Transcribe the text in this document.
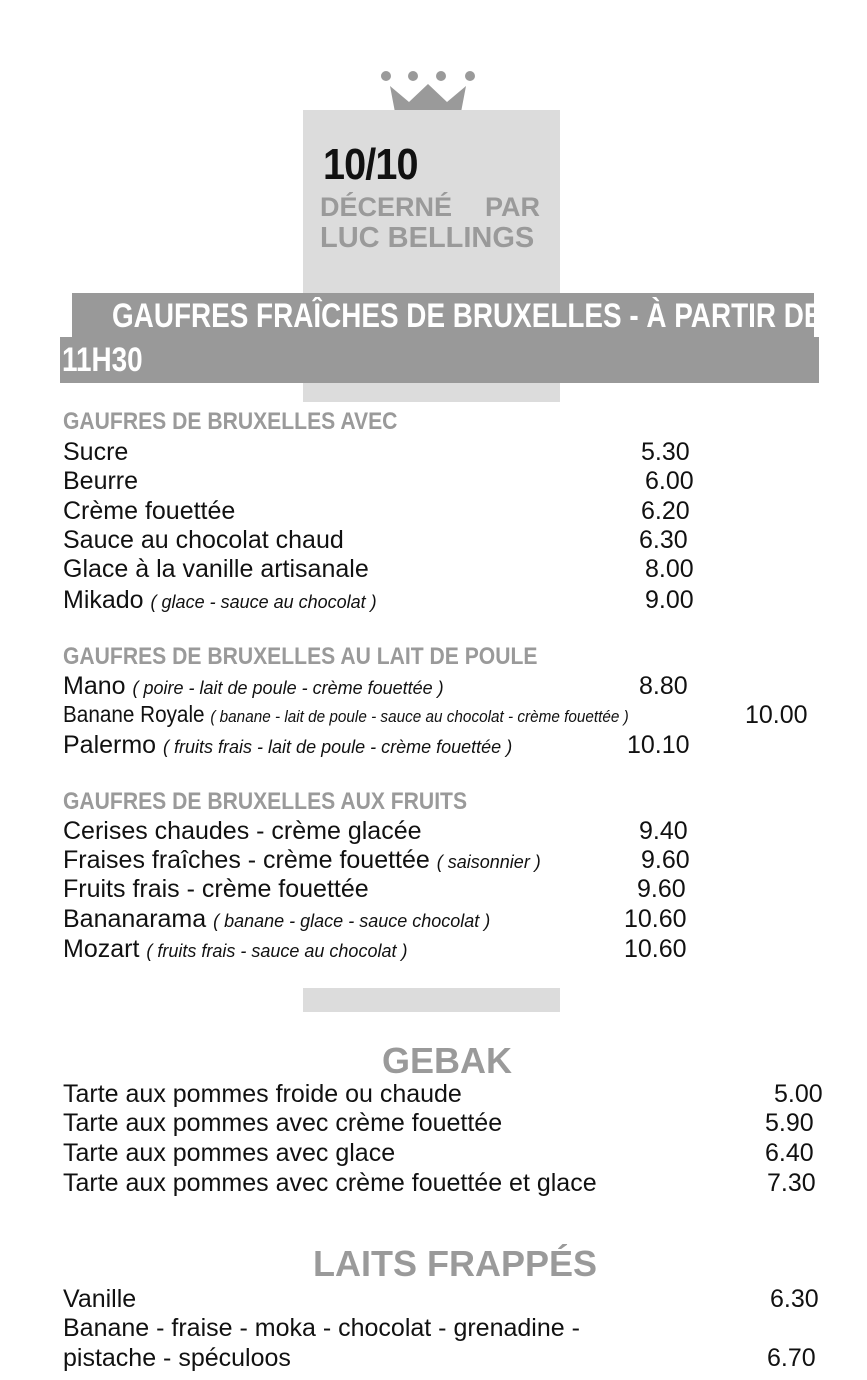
10/10
DÉCERNÉ PAR
LUC BELLINGS
GAUFRES FRAÎCHES DE BRUXELLES - À PARTIR DE
11H30
GAUFRES DE BRUXELLES AVEC
Sucre	5.30
Beurre	6.00
Crème fouettée	6.20
Sauce au chocolat chaud	6.30
Glace à la vanille artisanale	8.00
Mikado ( glace - sauce au chocolat )	9.00
GAUFRES DE BRUXELLES AU LAIT DE POULE
Mano ( poire - lait de poule - crème fouettée )	8.80
Banane Royale ( banane - lait de poule - sauce au chocolat - crème fouettée )	10.00
Palermo ( fruits frais - lait de poule - crème fouettée )	10.10
GAUFRES DE BRUXELLES AUX FRUITS
Cerises chaudes - crème glacée	9.40
Fraises fraîches - crème fouettée ( saisonnier )	9.60
Fruits frais - crème fouettée	9.60
Bananarama ( banane - glace - sauce chocolat )	10.60
Mozart ( fruits frais - sauce au chocolat )	10.60
GEBAK
Tarte aux pommes froide ou chaude	5.00
Tarte aux pommes avec crème fouettée	5.90
Tarte aux pommes avec glace	6.40
Tarte aux pommes avec crème fouettée et glace	7.30
LAITS FRAPPÉS
Vanille	6.30
Banane - fraise - moka - chocolat - grenadine -
pistache - spéculoos	6.70
